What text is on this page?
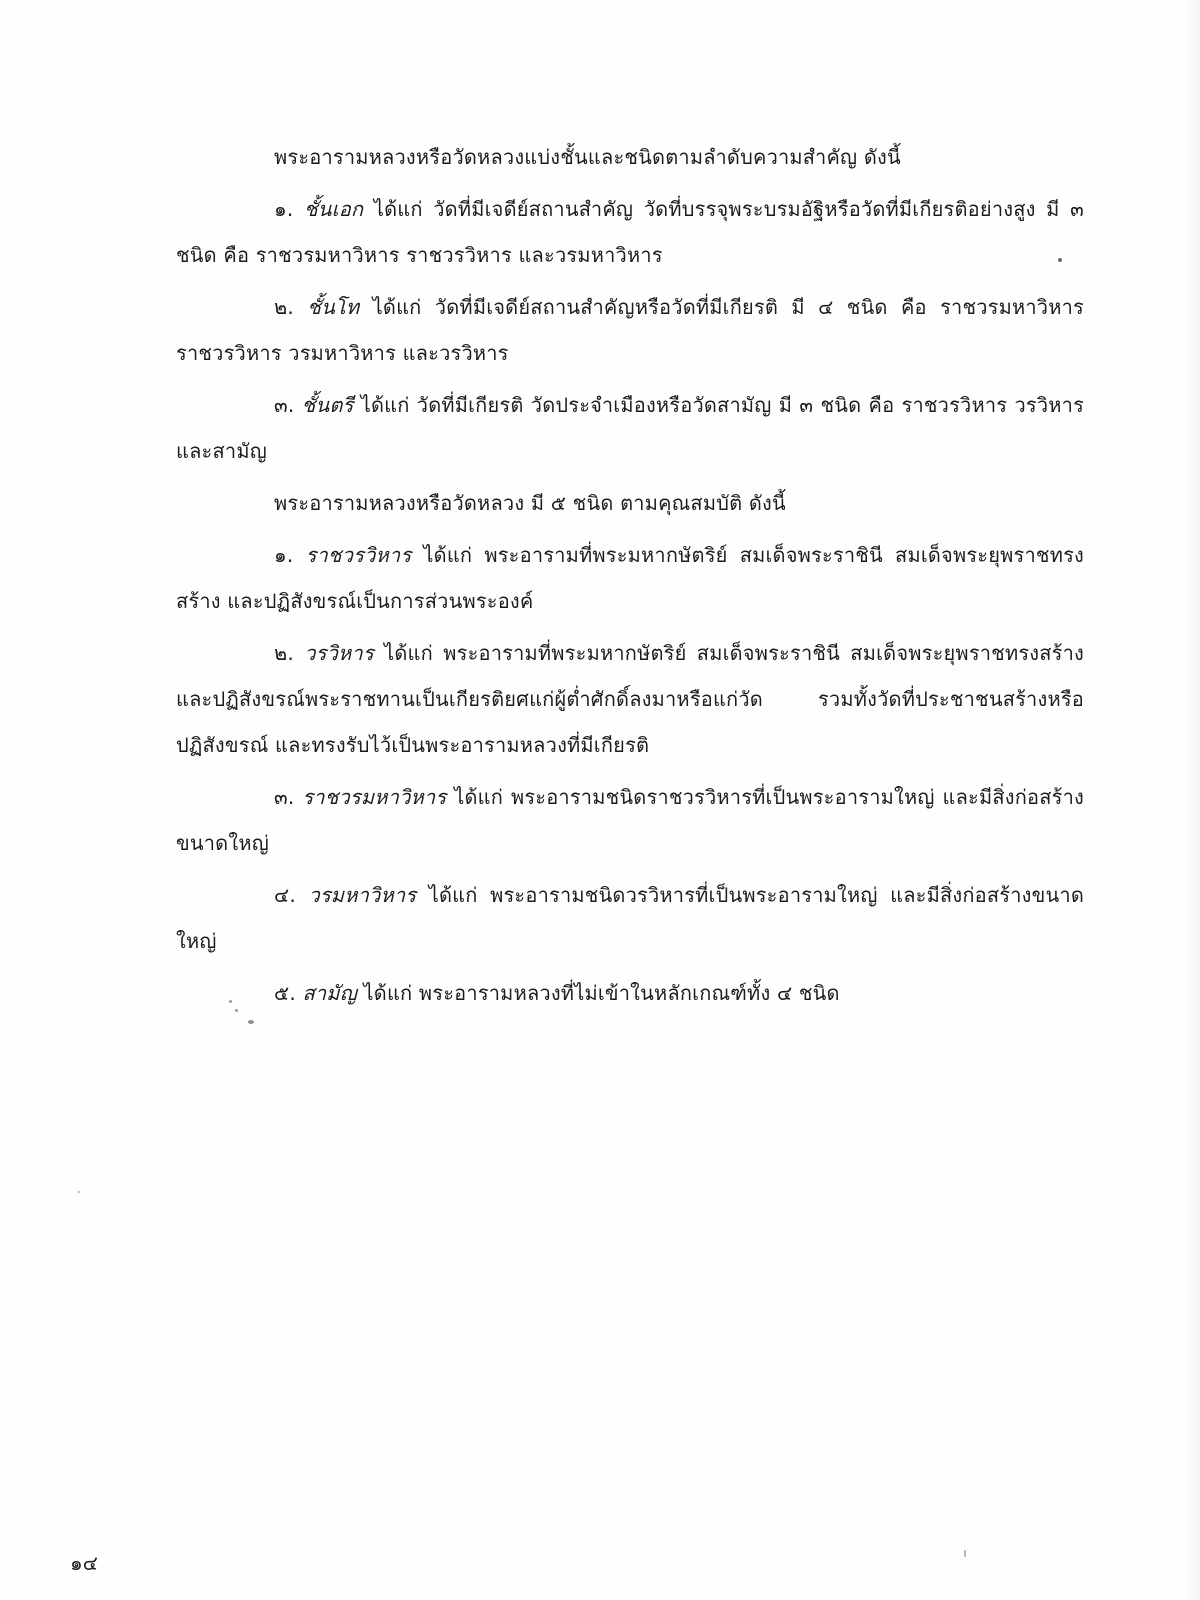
พระอารามหลวงหรือวัดหลวงแบ่งชั้นและชนิดตามลำดับความสำคัญ ดังนี้

๑. ชั้นเอก ได้แก่ วัดที่มีเจดีย์สถานสำคัญ วัดที่บรรจุพระบรมอัฐิหรือวัดที่มีเกียรติอย่างสูง มี ๓ ชนิด คือ ราชวรมหาวิหาร ราชวรวิหาร และวรมหาวิหาร

๒. ชั้นโท ได้แก่ วัดที่มีเจดีย์สถานสำคัญหรือวัดที่มีเกียรติ มี ๔ ชนิด คือ ราชวรมหาวิหาร ราชวรวิหาร วรมหาวิหาร และวรวิหาร

๓. ชั้นตรี ได้แก่ วัดที่มีเกียรติ วัดประจำเมืองหรือวัดสามัญ มี ๓ ชนิด คือ ราชวรวิหาร วรวิหาร และสามัญ

พระอารามหลวงหรือวัดหลวง มี ๕ ชนิด ตามคุณสมบัติ ดังนี้

๑. ราชวรวิหาร ได้แก่ พระอารามที่พระมหากษัตริย์ สมเด็จพระราชินี สมเด็จพระยุพราชทรงสร้าง และปฏิสังขรณ์เป็นการส่วนพระองค์

๒. วรวิหาร ได้แก่ พระอารามที่พระมหากษัตริย์ สมเด็จพระราชินี สมเด็จพระยุพราชทรงสร้าง และปฏิสังขรณ์พระราชทานเป็นเกียรติยศแก่ผู้ต่ำศักดิ์ลงมาหรือแก่วัด รวมทั้งวัดที่ประชาชนสร้างหรือปฏิสังขรณ์ และทรงรับไว้เป็นพระอารามหลวงที่มีเกียรติ

๓. ราชวรมหาวิหาร ได้แก่ พระอารามชนิดราชวรวิหารที่เป็นพระอารามใหญ่ และมีสิ่งก่อสร้างขนาดใหญ่

๔. วรมหาวิหาร ได้แก่ พระอารามชนิดวรวิหารที่เป็นพระอารามใหญ่ และมีสิ่งก่อสร้างขนาดใหญ่

๕. สามัญ ได้แก่ พระอารามหลวงที่ไม่เข้าในหลักเกณฑ์ทั้ง ๔ ชนิด

๑๔
